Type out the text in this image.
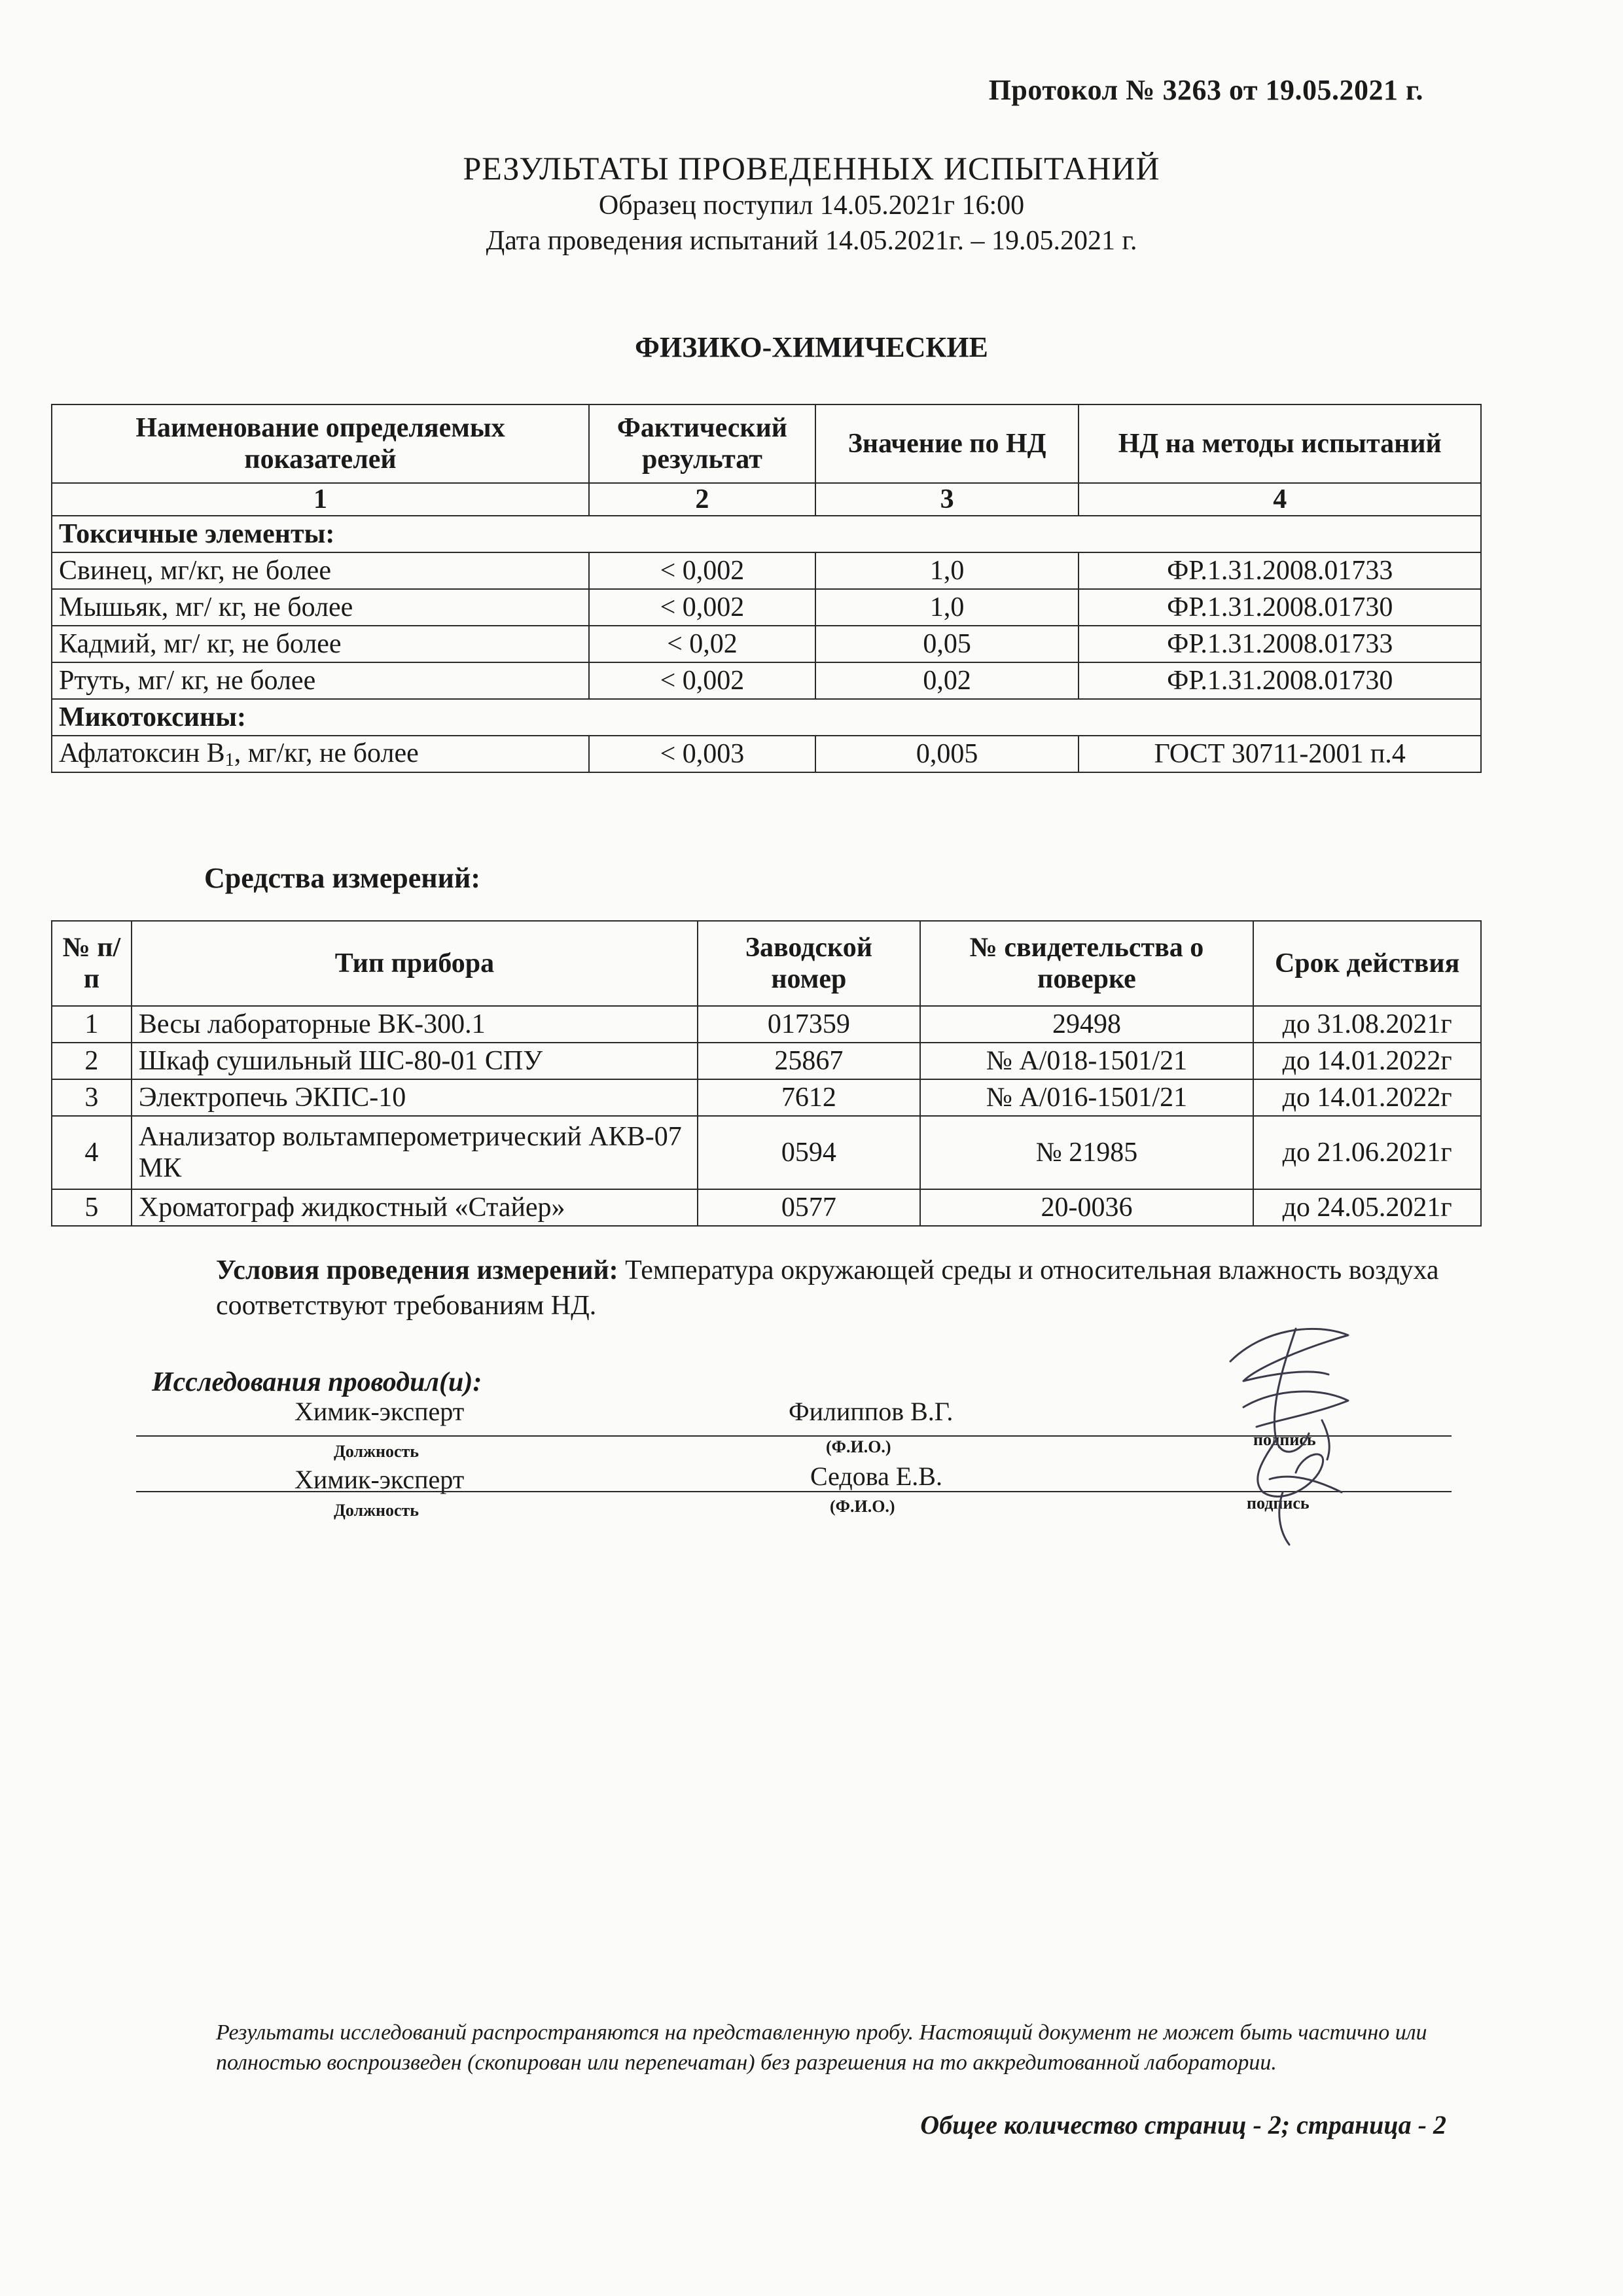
Протокол № 3263 от 19.05.2021 г.
РЕЗУЛЬТАТЫ ПРОВЕДЕННЫХ ИСПЫТАНИЙ
Образец поступил 14.05.2021г 16:00
Дата проведения испытаний 14.05.2021г. – 19.05.2021 г.
ФИЗИКО-ХИМИЧЕСКИЕ
Наименование определяемых показателей	Фактический результат	Значение по НД	НД на методы испытаний
1	2	3	4
Токсичные элементы:			
Свинец, мг/кг, не более	< 0,002	1,0	ФР.1.31.2008.01733
Мышьяк, мг/ кг, не более	< 0,002	1,0	ФР.1.31.2008.01730
Кадмий, мг/ кг, не более	< 0,02	0,05	ФР.1.31.2008.01733
Ртуть, мг/ кг, не более	< 0,002	0,02	ФР.1.31.2008.01730
Микотоксины:			
Афлатоксин $В_1$, мг/кг, не более	< 0,003	0,005	ГОСТ 30711-2001 п.4
Средства измерений:
№ п/п	Тип прибора	Заводской номер	№ свидетельства о поверке	Срок действия
1	Весы лабораторные ВК-300.1	017359	29498	до 31.08.2021г
2	Шкаф сушильный ШС-80-01 СПУ	25867	№ А/018-1501/21	до 14.01.2022г
3	Электропечь ЭКПС-10	7612	№ А/016-1501/21	до 14.01.2022г
4	Анализатор вольтамперометрический АКВ-07 МК	0594	№ 21985	до 21.06.2021г
5	Хроматограф жидкостный «Стайер»	0577	20-0036	до 24.05.2021г
Условия проведения измерений: Температура окружающей среды и относительная влажность воздуха соответствуют требованиям НД.
Исследования проводил(и):
Химик-эксперт	Филиппов В.Г.
Должность	(Ф.И.О.)	подпись
Химик-эксперт	Седова Е.В.
Должность	(Ф.И.О.)	подпись
Результаты исследований распространяются на представленную пробу. Настоящий документ не может быть частично или полностью воспроизведен (скопирован или перепечатан) без разрешения на то аккредитованной лаборатории.
Общее количество страниц - 2; страница - 2
